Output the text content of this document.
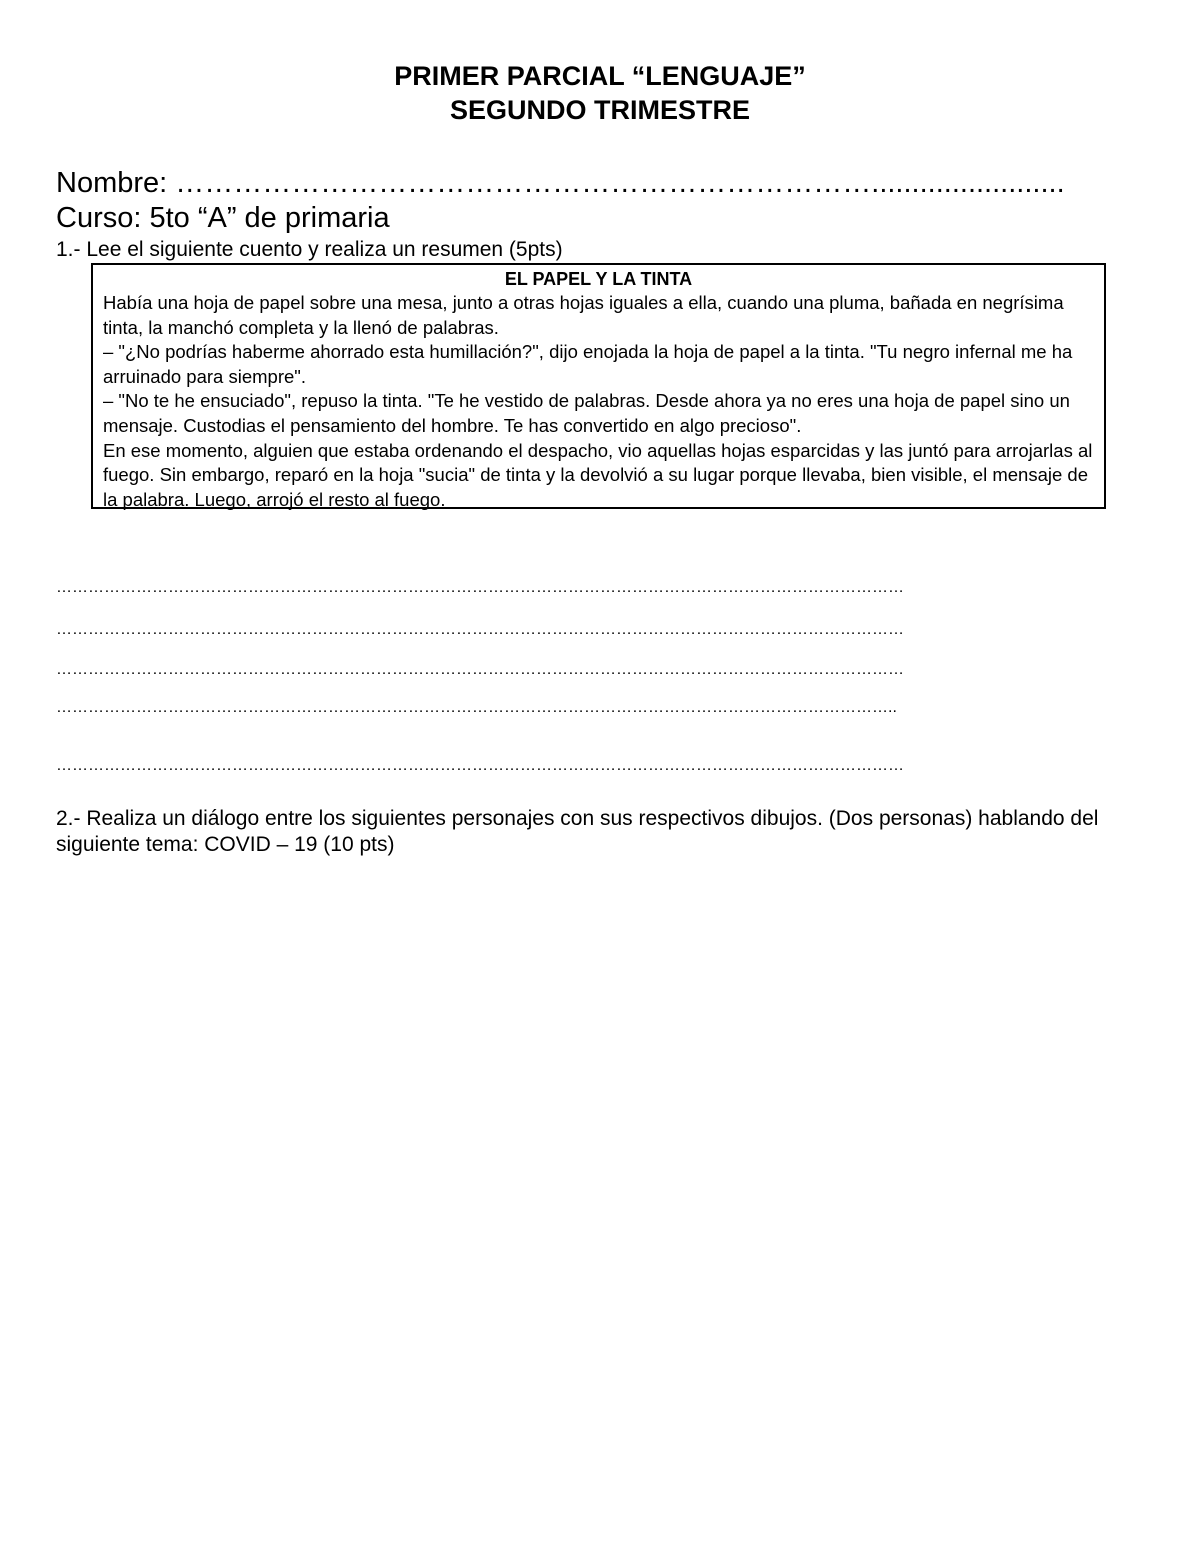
PRIMER PARCIAL “LENGUAJE”
SEGUNDO TRIMESTRE
Nombre: ………………………………………………………………........................
Curso: 5to “A” de primaria
1.- Lee el siguiente cuento y realiza un resumen (5pts)
EL PAPEL Y LA TINTA

Había una hoja de papel sobre una mesa, junto a otras hojas iguales a ella, cuando una pluma, bañada en negrísima tinta, la manchó completa y la llenó de palabras.

– "¿No podrías haberme ahorrado esta humillación?", dijo enojada la hoja de papel a la tinta. "Tu negro infernal me ha arruinado para siempre".

– "No te he ensuciado", repuso la tinta. "Te he vestido de palabras. Desde ahora ya no eres una hoja de papel sino un mensaje. Custodias el pensamiento del hombre. Te has convertido en algo precioso".

En ese momento, alguien que estaba ordenando el despacho, vio aquellas hojas esparcidas y las juntó para arrojarlas al fuego. Sin embargo, reparó en la hoja "sucia" de tinta y la devolvió a su lugar porque llevaba, bien visible, el mensaje de la palabra. Luego, arrojó el resto al fuego.

……………………………………………………………………………………………………………………………………………
……………………………………………………………………………………………………………………………………………
……………………………………………………………………………………………………………………………………………
…………………………………………………………………………………………………………………………………………..
……………………………………………………………………………………………………………………………………………
2.- Realiza un diálogo entre los siguientes personajes con sus respectivos dibujos. (Dos personas) hablando del siguiente tema: COVID – 19 (10 pts)
